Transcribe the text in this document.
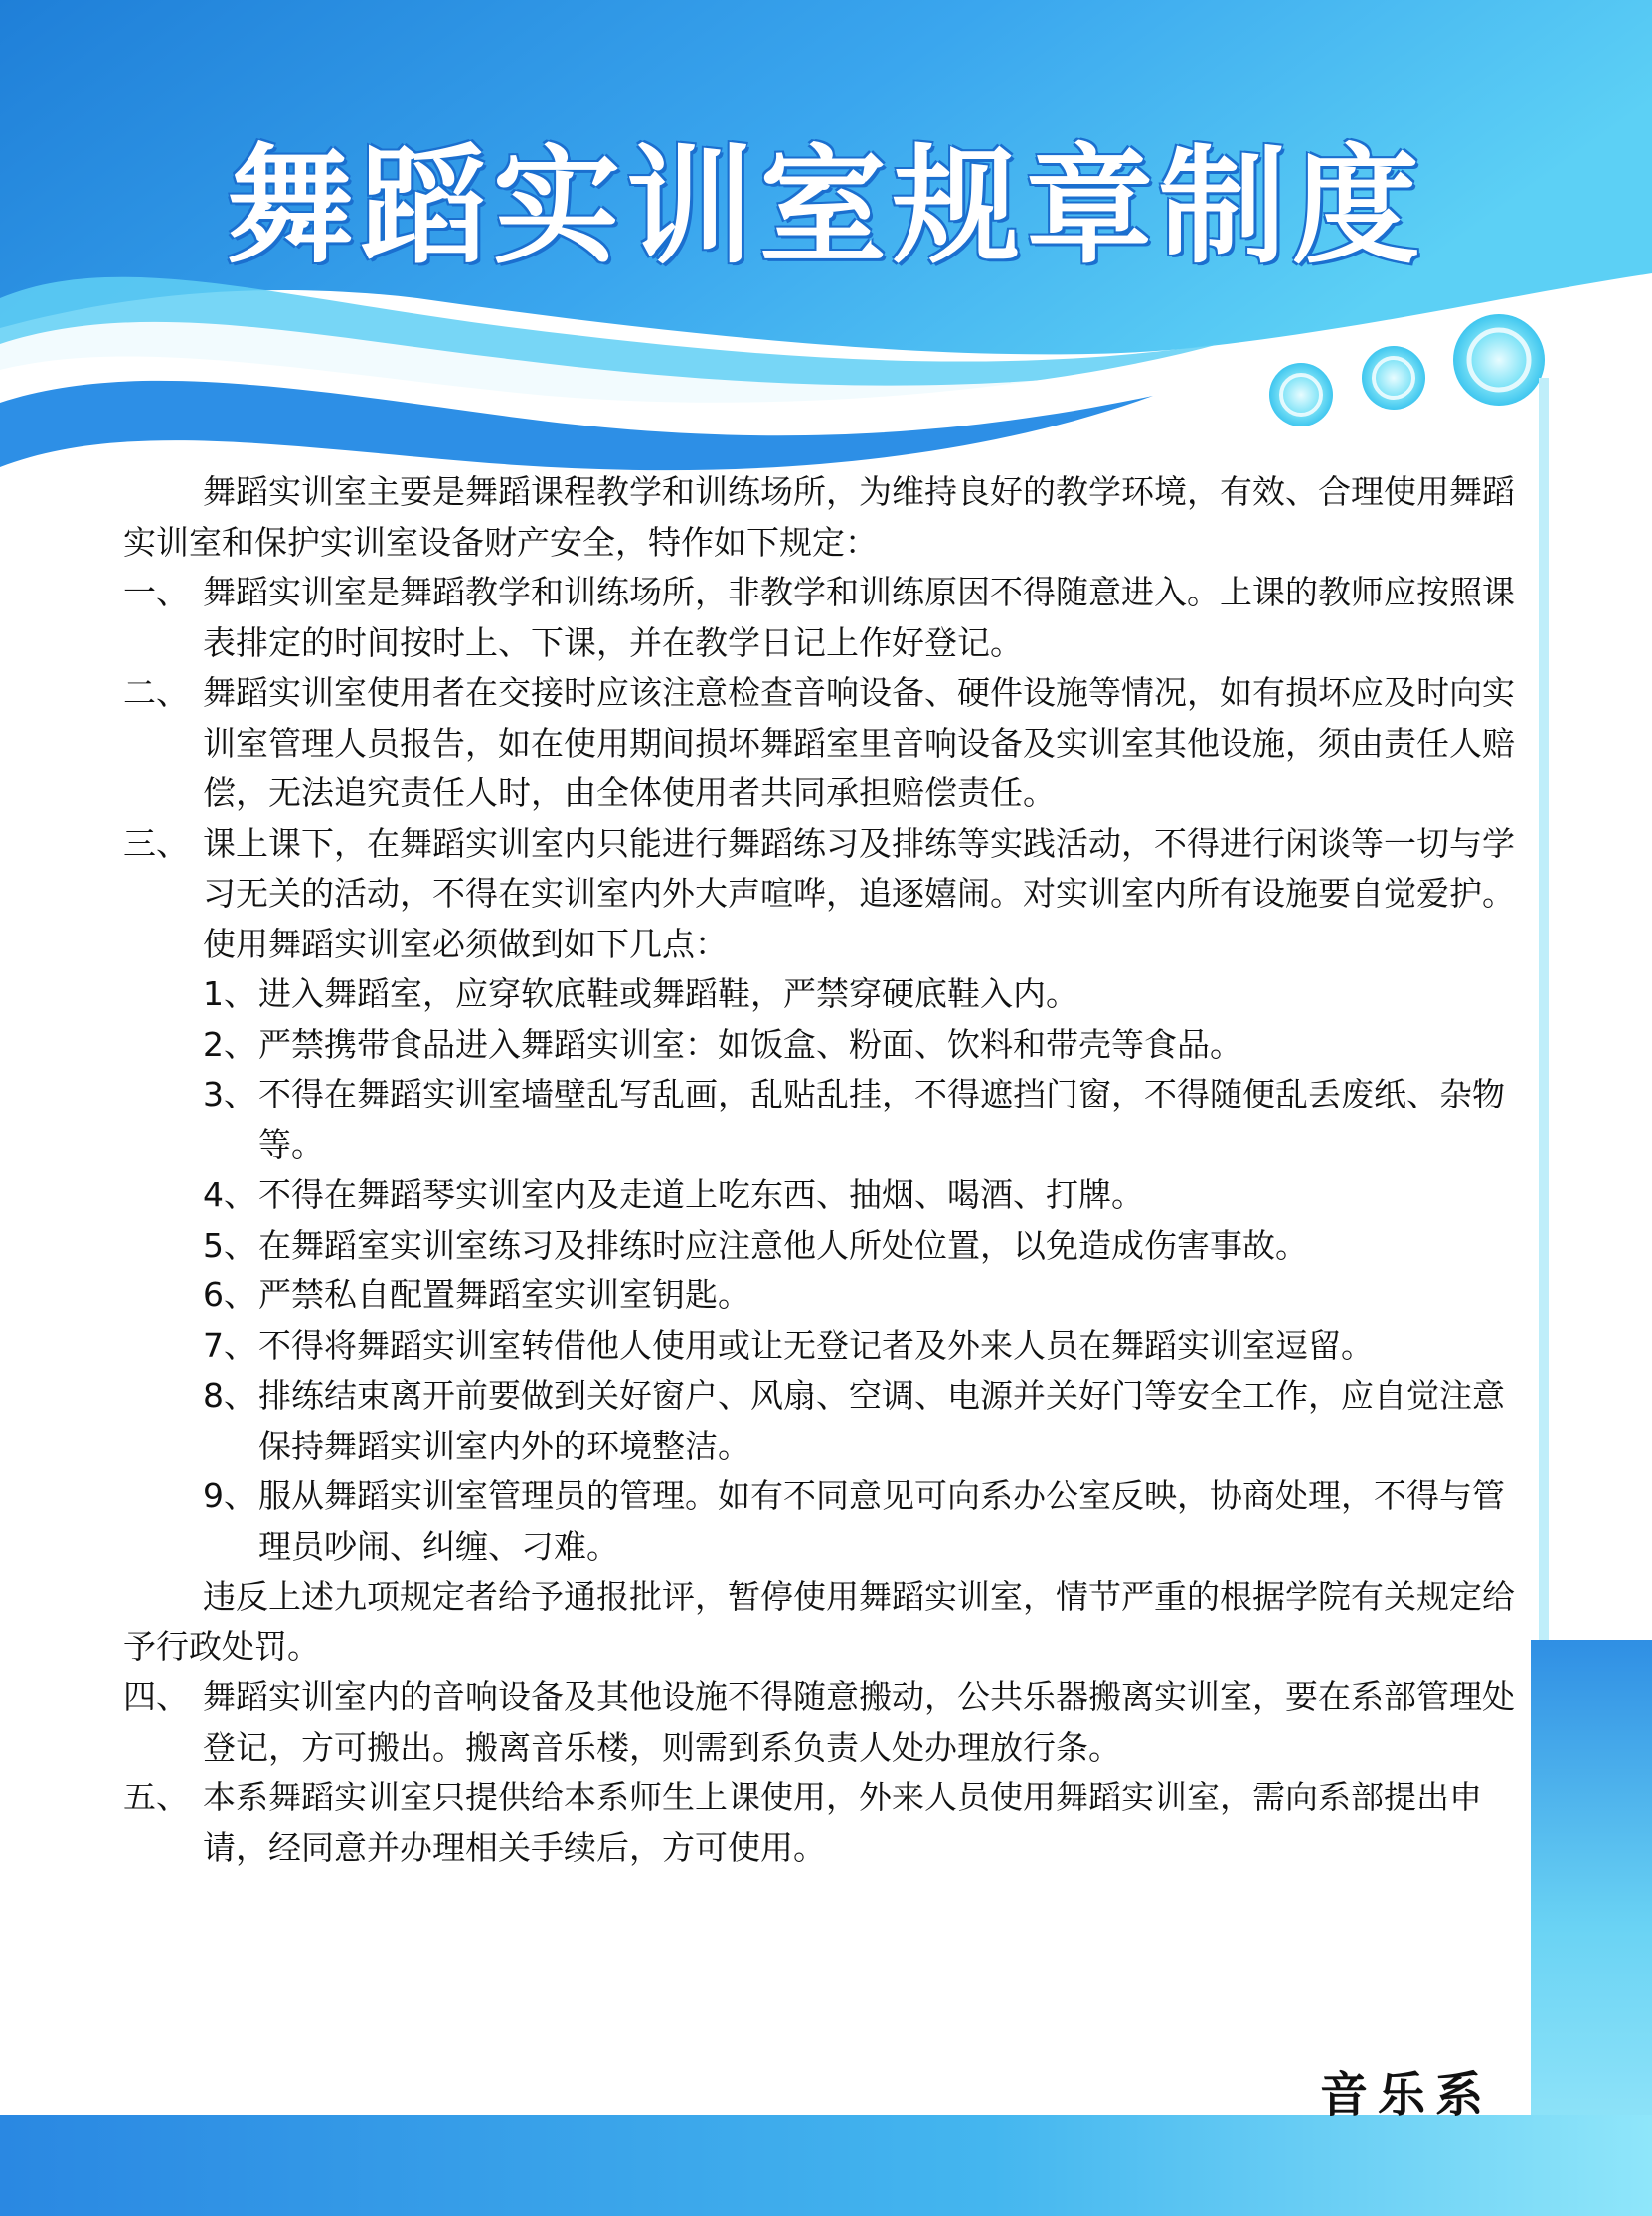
舞蹈实训室规章制度

舞蹈实训室主要是舞蹈课程教学和训练场所，为维持良好的教学环境，有效、合理使用舞蹈实训室和保护实训室设备财产安全，特作如下规定：

一、 舞蹈实训室是舞蹈教学和训练场所，非教学和训练原因不得随意进入。上课的教师应按照课表排定的时间按时上、下课，并在教学日记上作好登记。
二、 舞蹈实训室使用者在交接时应该注意检查音响设备、硬件设施等情况，如有损坏应及时向实训室管理人员报告，如在使用期间损坏舞蹈室里音响设备及实训室其他设施，须由责任人赔偿，无法追究责任人时，由全体使用者共同承担赔偿责任。
三、 课上课下，在舞蹈实训室内只能进行舞蹈练习及排练等实践活动，不得进行闲谈等一切与学习无关的活动，不得在实训室内外大声喧哗，追逐嬉闹。对实训室内所有设施要自觉爱护。使用舞蹈实训室必须做到如下几点：
1、 进入舞蹈室，应穿软底鞋或舞蹈鞋，严禁穿硬底鞋入内。
2、 严禁携带食品进入舞蹈实训室：如饭盒、粉面、饮料和带壳等食品。
3、 不得在舞蹈实训室墙壁乱写乱画，乱贴乱挂，不得遮挡门窗，不得随便乱丢废纸、杂物等。
4、 不得在舞蹈琴实训室内及走道上吃东西、抽烟、喝酒、打牌。
5、 在舞蹈室实训室练习及排练时应注意他人所处位置，以免造成伤害事故。
6、 严禁私自配置舞蹈室实训室钥匙。
7、 不得将舞蹈实训室转借他人使用或让无登记者及外来人员在舞蹈实训室逗留。
8、 排练结束离开前要做到关好窗户、风扇、空调、电源并关好门等安全工作，应自觉注意保持舞蹈实训室内外的环境整洁。
9、 服从舞蹈实训室管理员的管理。如有不同意见可向系办公室反映，协商处理，不得与管理员吵闹、纠缠、刁难。

违反上述九项规定者给予通报批评，暂停使用舞蹈实训室，情节严重的根据学院有关规定给予行政处罚。

四、 舞蹈实训室内的音响设备及其他设施不得随意搬动，公共乐器搬离实训室，要在系部管理处登记，方可搬出。搬离音乐楼，则需到系负责人处办理放行条。
五、 本系舞蹈实训室只提供给本系师生上课使用，外来人员使用舞蹈实训室，需向系部提出申请，经同意并办理相关手续后，方可使用。
音乐系
